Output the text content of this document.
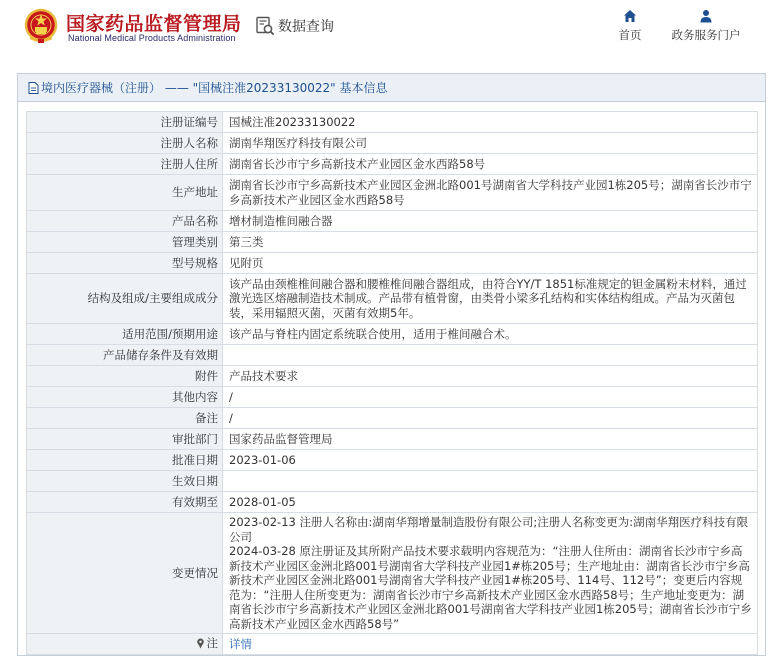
国家药品监督管理局
National Medical Products Administration
数据查询	首页	政务服务门户
境内医疗器械（注册） —— "国械注准20233130022" 基本信息
注册证编号	国械注准20233130022
注册人名称	湖南华翔医疗科技有限公司
注册人住所	湖南省长沙市宁乡高新技术产业园区金水西路58号
生产地址	湖南省长沙市宁乡高新技术产业园区金洲北路001号湖南省大学科技产业园1栋205号；湖南省长沙市宁乡高新技术产业园区金水西路58号
产品名称	增材制造椎间融合器
管理类别	第三类
型号规格	见附页
结构及组成/主要组成成分	该产品由颈椎椎间融合器和腰椎椎间融合器组成，由符合YY/T 1851标准规定的钽金属粉末材料，通过激光选区熔融制造技术制成。产品带有植骨窗，由类骨小梁多孔结构和实体结构组成。产品为灭菌包装，采用辐照灭菌，灭菌有效期5年。
适用范围/预期用途	该产品与脊柱内固定系统联合使用，适用于椎间融合术。
产品储存条件及有效期	
附件	产品技术要求
其他内容	/
备注	/
审批部门	国家药品监督管理局
批准日期	2023-01-06
生效日期	
有效期至	2028-01-05
变更情况	2023-02-13 注册人名称由:湖南华翔增量制造股份有限公司;注册人名称变更为:湖南华翔医疗科技有限公司
2024-03-28 原注册证及其所附产品技术要求载明内容规范为：“注册人住所由：湖南省长沙市宁乡高新技术产业园区金洲北路001号湖南省大学科技产业园1#栋205号；生产地址由：湖南省长沙市宁乡高新技术产业园区金洲北路001号湖南省大学科技产业园1#栋205号、114号、112号”；变更后内容规范为：“注册人住所变更为：湖南省长沙市宁乡高新技术产业园区金水西路58号；生产地址变更为：湖南省长沙市宁乡高新技术产业园区金洲北路001号湖南省大学科技产业园1栋205号；湖南省长沙市宁乡高新技术产业园区金水西路58号”

注	详情
